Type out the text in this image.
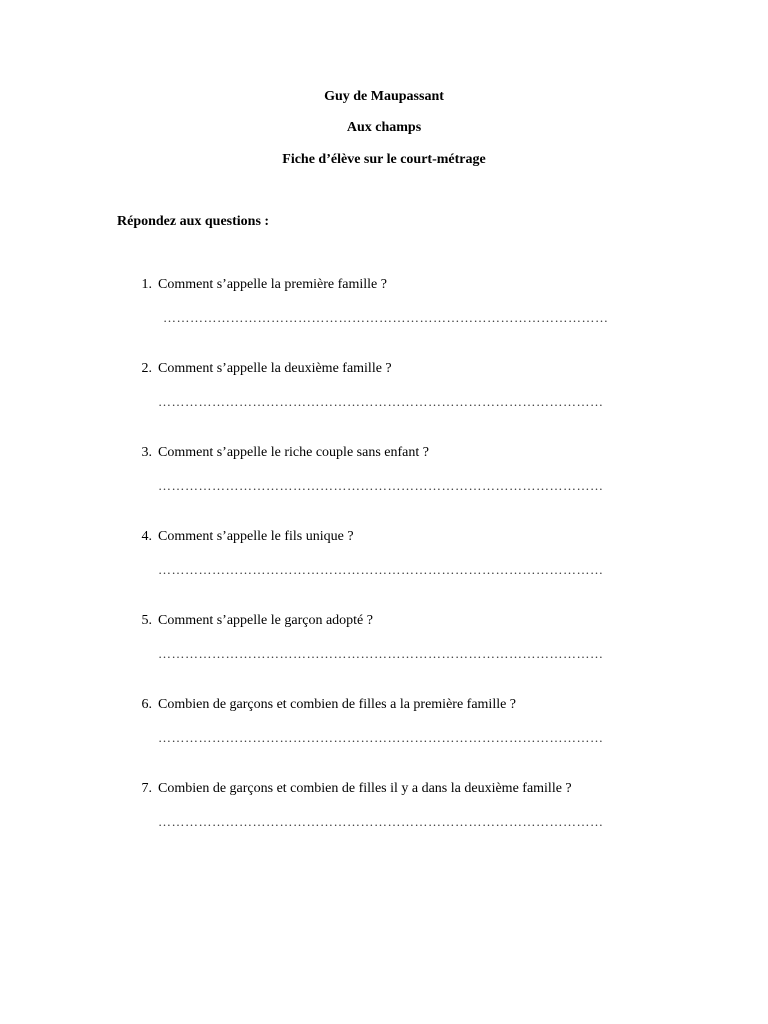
Guy de Maupassant
Aux champs
Fiche d’élève sur le court-métrage
Répondez aux questions :
1. Comment s’appelle la première famille ?
………………………………………………………………………………………
2. Comment s’appelle la deuxième famille ?
………………………………………………………………………………………
3. Comment s’appelle le riche couple sans enfant ?
………………………………………………………………………………………
4. Comment s’appelle le fils unique ?
………………………………………………………………………………………
5. Comment s’appelle le garçon adopté ?
………………………………………………………………………………………
6. Combien de garçons et combien de filles a la première famille ?
………………………………………………………………………………………
7. Combien de garçons et combien de filles il y a dans la deuxième famille ?
………………………………………………………………………………………
